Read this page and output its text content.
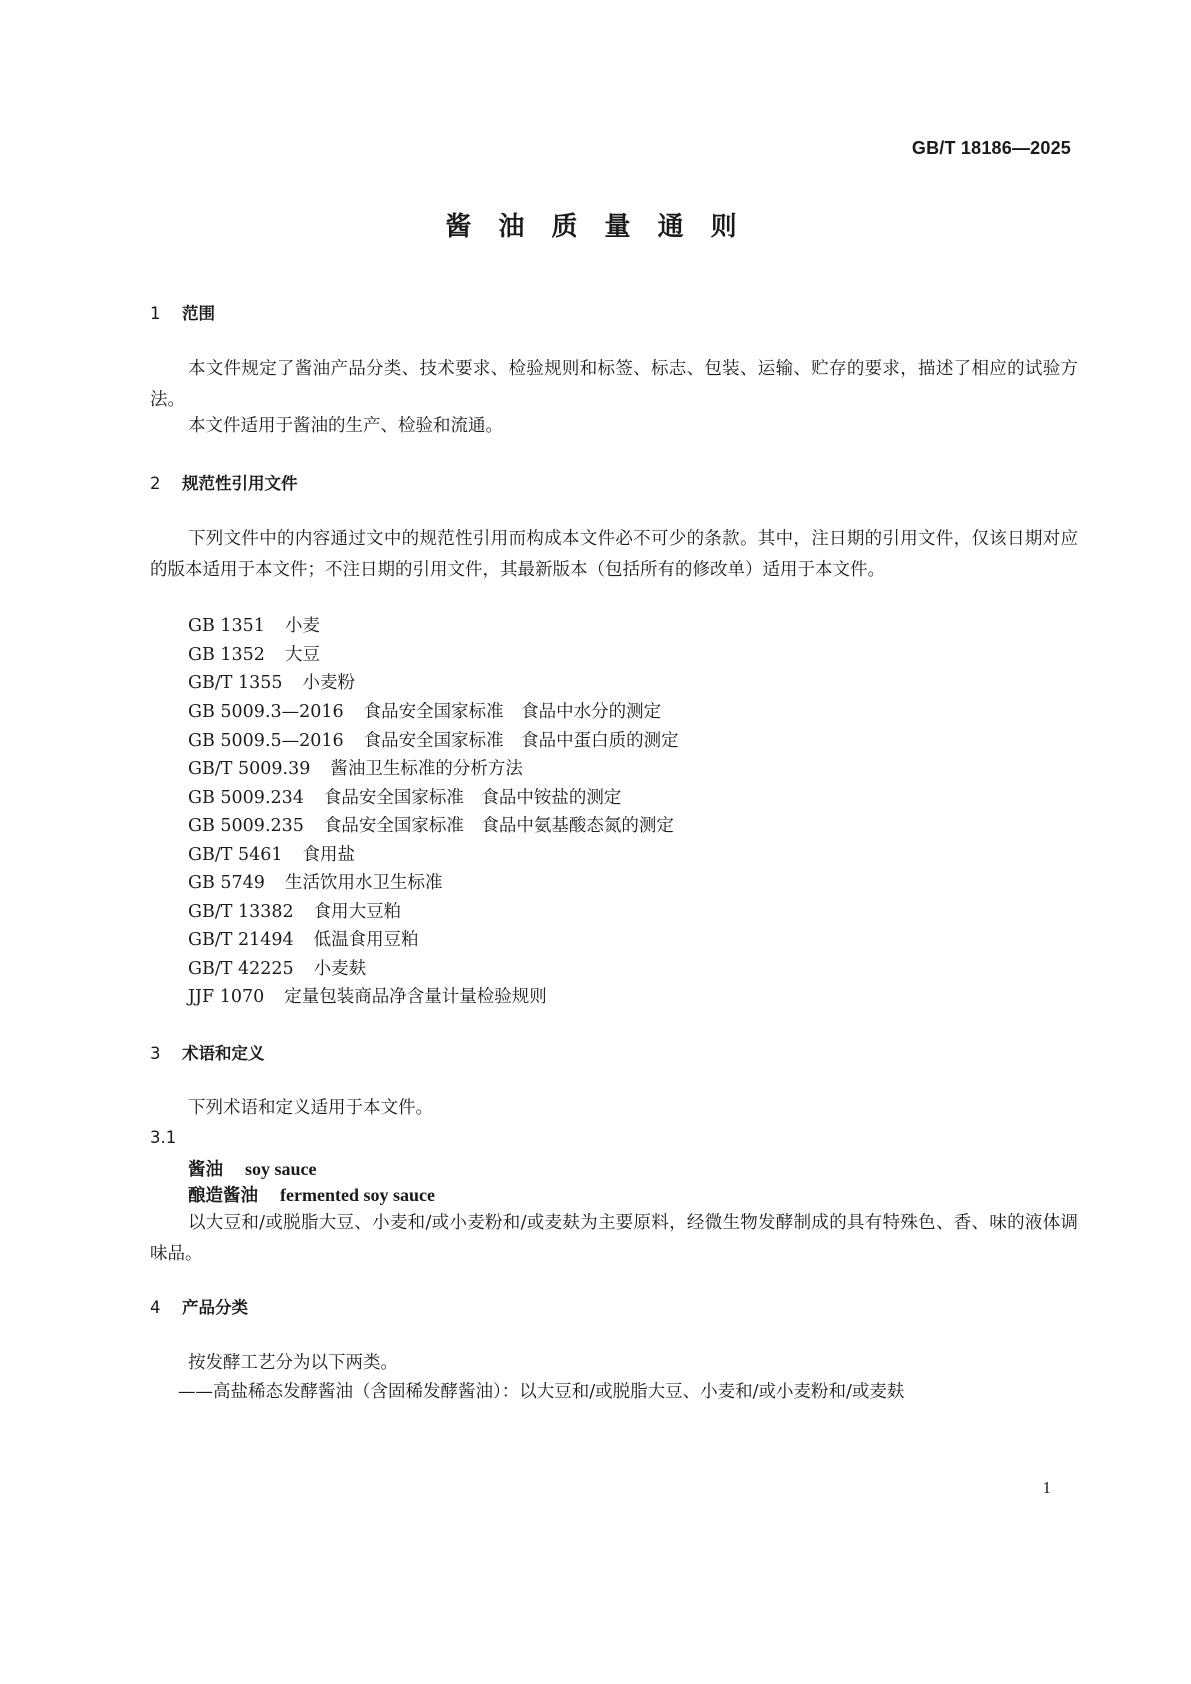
GB/T 18186—2025
酱 油 质 量 通 则
1 范围
本文件规定了酱油产品分类、技术要求、检验规则和标签、标志、包装、运输、贮存的要求，描述了相应的试验方法。
本文件适用于酱油的生产、检验和流通。
2 规范性引用文件
下列文件中的内容通过文中的规范性引用而构成本文件必不可少的条款。其中，注日期的引用文件，仅该日期对应的版本适用于本文件；不注日期的引用文件，其最新版本（包括所有的修改单）适用于本文件。
GB 1351 小麦
GB 1352 大豆
GB/T 1355 小麦粉
GB 5009.3—2016 食品安全国家标准　食品中水分的测定
GB 5009.5—2016 食品安全国家标准　食品中蛋白质的测定
GB/T 5009.39 酱油卫生标准的分析方法
GB 5009.234 食品安全国家标准　食品中铵盐的测定
GB 5009.235 食品安全国家标准　食品中氨基酸态氮的测定
GB/T 5461 食用盐
GB 5749 生活饮用水卫生标准
GB/T 13382 食用大豆粕
GB/T 21494 低温食用豆粕
GB/T 42225 小麦麸
JJF 1070 定量包装商品净含量计量检验规则
3 术语和定义
下列术语和定义适用于本文件。
3.1
酱油 soy sauce
酿造酱油 fermented soy sauce
以大豆和/或脱脂大豆、小麦和/或小麦粉和/或麦麸为主要原料，经微生物发酵制成的具有特殊色、香、味的液体调味品。
4 产品分类
按发酵工艺分为以下两类。
——高盐稀态发酵酱油（含固稀发酵酱油）：以大豆和/或脱脂大豆、小麦和/或小麦粉和/或麦麸
1
